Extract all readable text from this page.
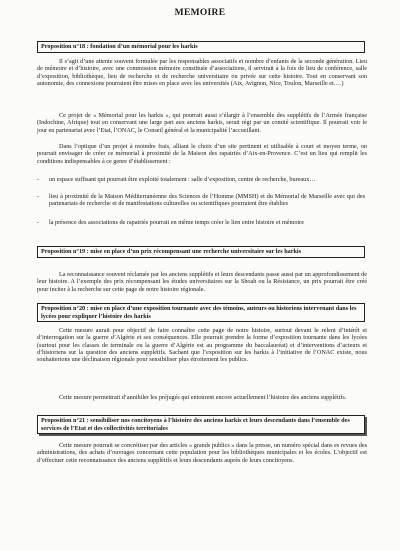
MEMOIRE
Proposition n°18 : fondation d’un mémorial pour les harkis

Il s’agit d’une attente souvent formulée par les responsables associatifs et nombre d’enfants de la seconde génération. Lieu de mémoire et d’histoire, avec une commission mémoire constituée d’associations, il servirait à la fois de lieu de conférence, salle d’exposition, bibliothèque, lieu de recherche et de recherche universitaire ou privée sur cette histoire. Tout en conservant son autonomie, des connexions pourraient être mises en place avec les universités (Aix, Avignon, Nice, Toulon, Marseille et….)

Ce projet de « Mémorial pour les harkis », qui pourrait aussi s’élargir à l’ensemble des supplétifs de l’Armée française (Indochine, Afrique) tout en conservant une large part aux anciens harkis, serait régi par un comité scientifique. Il pourrait voir le jour en partenariat avec l’Etat, l’ONAC, le Conseil général et la municipalité l’accueillant.

Dans l’optique d’un projet à moindre frais, alliant le choix d’un site pertinent et utilisable à court et moyen terme, on pourrait envisager de créer ce mémorial à proximité de la Maison des rapatriés d’Aix-en-Provence. C’est un lieu qui remplit les conditions indispensables à ce genre d’établissement :

-	un espace suffisant qui pourrait être exploité totalement : salle d’exposition, centre de recherche, bureaux…
-	lieu à proximité de la Maison Méditerranéenne des Sciences de l’Homme (MMSH) et du Mémorial de Marseille avec qui des partenariats de recherche et de manifestations culturelles ou scientifiques pourraient être établies
-	la présence des associations de rapatriés pourrait en même temps créer le lien entre histoire et mémoire
Proposition n°19 : mise en place d’un prix récompensant une recherche universitaire sur les harkis

La reconnaissance souvent réclamée par les anciens supplétifs et leurs descendants passe aussi par un approfondissement de leur histoire. A l’exemple des prix récompensant les études universitaires sur la Shoah ou la Résistance, un prix pourrait être créé pour inciter à la recherche sur cette page de notre histoire régionale.

Proposition n°20 : mise en place d’une exposition tournante avec des témoins, auteurs ou historiens intervenant dans les lycées pour expliquer l’histoire des harkis

Cette mesure aurait pour objectif de faire connaître cette page de notre histoire, surtout devant le relent d’intérêt et d’interrogation sur la guerre d’Algérie et ses conséquences. Elle pourrait prendre la forme d’exposition tournante dans les lycées (surtout pour les classes de terminale ou la guerre d’Algérie est au programme du baccalauréat) et d’interventions d’acteurs et d’historiens sur la question des anciens supplétifs. Sachant que l’exposition sur les harkis à l’initiative de l’ONAC existe, nous souhaiterions une déclinaison régionale pour sensibiliser plus étroitement les publics.

Cette mesure permettrait d’annihiler les préjugés qui entourent encore actuellement l’histoire des anciens supplétifs.

Proposition n°21 : sensibiliser nos concitoyens à l’histoire des anciens harkis et leurs descendants dans l’ensemble des services de l’Etat et des collectivités territoriales

Cette mesure pourrait se concrétiser par des articles « grands publics » dans la presse, un numéro spécial dans es revues des administrations, des achats d’ouvrages concernant cette population pour les bibliothèques municipales et les écoles. L’objectif est d’effectuer cette reconnaissance des anciens supplétifs et leurs descendants auprès de leurs concitoyens.
